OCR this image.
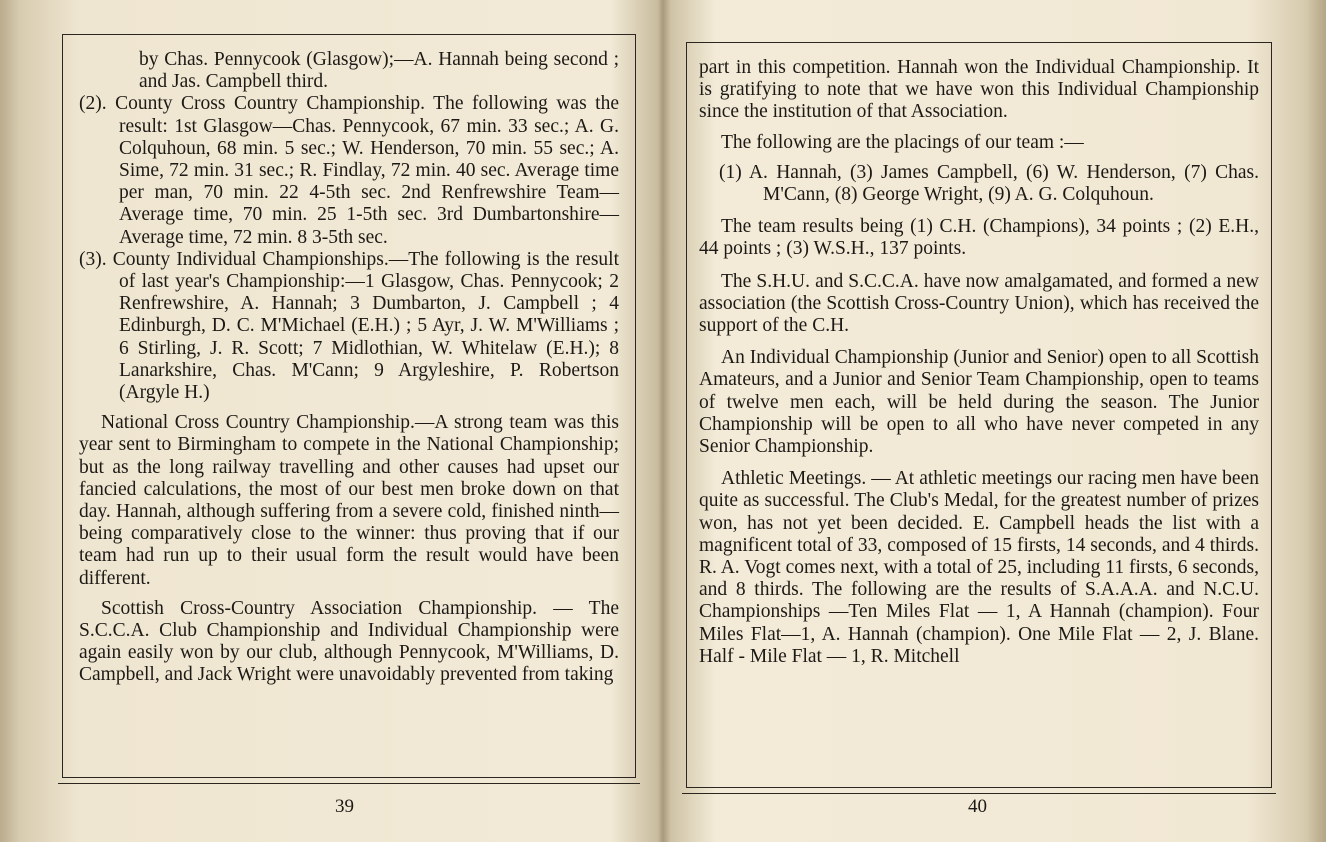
by Chas. Pennycook (Glasgow);—A. Hannah being second ; and Jas. Campbell third.

(2). County Cross Country Championship. The following was the result: 1st Glasgow—Chas. Pennycook, 67 min. 33 sec.; A. G. Colquhoun, 68 min. 5 sec.; W. Henderson, 70 min. 55 sec.; A. Sime, 72 min. 31 sec.; R. Findlay, 72 min. 40 sec. Average time per man, 70 min. 22 4-5th sec. 2nd Renfrewshire Team—Average time, 70 min. 25 1-5th sec. 3rd Dumbartonshire—Average time, 72 min. 8 3-5th sec.

(3). County Individual Championships.—The following is the result of last year's Championship:—1 Glasgow, Chas. Pennycook; 2 Renfrewshire, A. Hannah; 3 Dumbarton, J. Campbell ; 4 Edinburgh, D. C. M'Michael (E.H.) ; 5 Ayr, J. W. M'Williams ; 6 Stirling, J. R. Scott; 7 Midlothian, W. Whitelaw (E.H.); 8 Lanarkshire, Chas. M'Cann; 9 Argyleshire, P. Robertson (Argyle H.)

National Cross Country Championship.—A strong team was this year sent to Birmingham to compete in the National Championship; but as the long railway travelling and other causes had upset our fancied calculations, the most of our best men broke down on that day. Hannah, although suffering from a severe cold, finished ninth—being comparatively close to the winner: thus proving that if our team had run up to their usual form the result would have been different.

Scottish Cross-Country Association Championship. — The S.C.C.A. Club Championship and Individual Championship were again easily won by our club, although Pennycook, M'Williams, D. Campbell, and Jack Wright were unavoidably prevented from taking

39

part in this competition. Hannah won the Individual Championship. It is gratifying to note that we have won this Individual Championship since the institution of that Association.

The following are the placings of our team :—

(1) A. Hannah, (3) James Campbell, (6) W. Henderson, (7) Chas. M'Cann, (8) George Wright, (9) A. G. Colquhoun.

The team results being (1) C.H. (Champions), 34 points ; (2) E.H., 44 points ; (3) W.S.H., 137 points.

The S.H.U. and S.C.C.A. have now amalgamated, and formed a new association (the Scottish Cross-Country Union), which has received the support of the C.H.

An Individual Championship (Junior and Senior) open to all Scottish Amateurs, and a Junior and Senior Team Championship, open to teams of twelve men each, will be held during the season. The Junior Championship will be open to all who have never competed in any Senior Championship.

Athletic Meetings. — At athletic meetings our racing men have been quite as successful. The Club's Medal, for the greatest number of prizes won, has not yet been decided. E. Campbell heads the list with a magnificent total of 33, composed of 15 firsts, 14 seconds, and 4 thirds. R. A. Vogt comes next, with a total of 25, including 11 firsts, 6 seconds, and 8 thirds. The following are the results of S.A.A.A. and N.C.U. Championships —Ten Miles Flat — 1, A Hannah (champion). Four Miles Flat—1, A. Hannah (champion). One Mile Flat — 2, J. Blane. Half - Mile Flat — 1, R. Mitchell

40
